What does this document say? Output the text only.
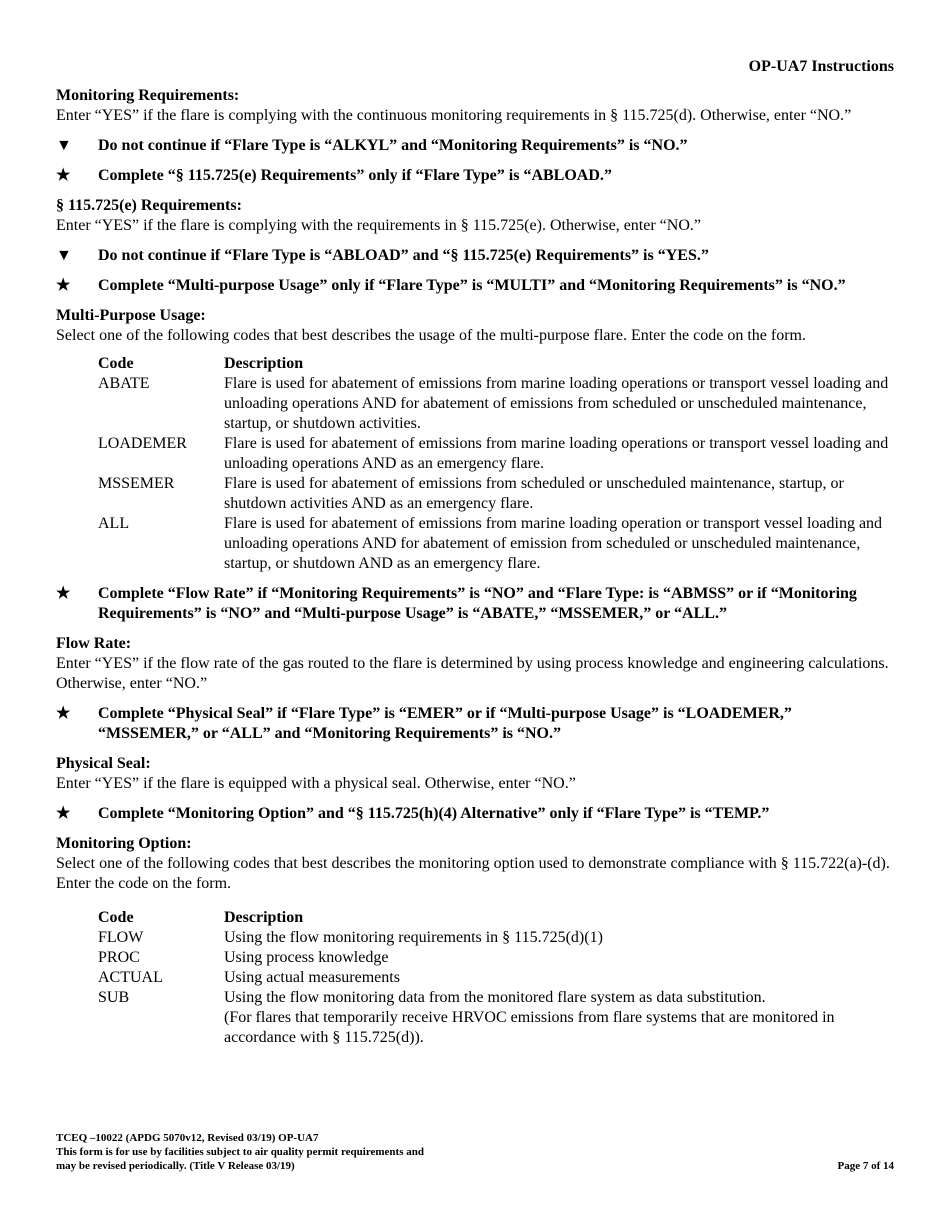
OP-UA7 Instructions

Monitoring Requirements:

Enter “YES” if the flare is complying with the continuous monitoring requirements in § 115.725(d). Otherwise, enter “NO.”

▼	Do not continue if “Flare Type is “ALKYL” and “Monitoring Requirements” is “NO.”
★	Complete “§ 115.725(e) Requirements” only if “Flare Type” is “ABLOAD.”

§ 115.725(e) Requirements:

Enter “YES” if the flare is complying with the requirements in § 115.725(e). Otherwise, enter “NO.”

▼	Do not continue if “Flare Type is “ABLOAD” and “§ 115.725(e) Requirements” is “YES.”
★	Complete “Multi-purpose Usage” only if “Flare Type” is “MULTI” and “Monitoring Requirements” is “NO.”

Multi-Purpose Usage:

Select one of the following codes that best describes the usage of the multi-purpose flare. Enter the code on the form.

Code	Description
ABATE	Flare is used for abatement of emissions from marine loading operations or transport vessel loading and unloading operations AND for abatement of emissions from scheduled or unscheduled maintenance, startup, or shutdown activities.
LOADEMER	Flare is used for abatement of emissions from marine loading operations or transport vessel loading and unloading operations AND as an emergency flare.
MSSEMER	Flare is used for abatement of emissions from scheduled or unscheduled maintenance, startup, or shutdown activities AND as an emergency flare.
ALL	Flare is used for abatement of emissions from marine loading operation or transport vessel loading and unloading operations AND for abatement of emission from scheduled or unscheduled maintenance, startup, or shutdown AND as an emergency flare.
★	Complete “Flow Rate” if “Monitoring Requirements” is “NO” and “Flare Type: is “ABMSS” or if “Monitoring Requirements” is “NO” and “Multi-purpose Usage” is “ABATE,” “MSSEMER,” or “ALL.”

Flow Rate:

Enter “YES” if the flow rate of the gas routed to the flare is determined by using process knowledge and engineering calculations. Otherwise, enter “NO.”

★	Complete “Physical Seal” if “Flare Type” is “EMER” or if “Multi-purpose Usage” is “LOADEMER,” “MSSEMER,” or “ALL” and “Monitoring Requirements” is “NO.”

Physical Seal:

Enter “YES” if the flare is equipped with a physical seal. Otherwise, enter “NO.”

★	Complete “Monitoring Option” and “§ 115.725(h)(4) Alternative” only if “Flare Type” is “TEMP.”

Monitoring Option:

Select one of the following codes that best describes the monitoring option used to demonstrate compliance with § 115.722(a)-(d). Enter the code on the form.

Code	Description
FLOW	Using the flow monitoring requirements in § 115.725(d)(1)
PROC	Using process knowledge
ACTUAL	Using actual measurements
SUB	Using the flow monitoring data from the monitored flare system as data substitution.
(For flares that temporarily receive HRVOC emissions from flare systems that are monitored in accordance with § 115.725(d)).
TCEQ –10022 (APDG 5070v12, Revised 03/19) OP-UA7
This form is for use by facilities subject to air quality permit requirements and
may be revised periodically. (Title V Release 03/19)	Page 7 of 14
